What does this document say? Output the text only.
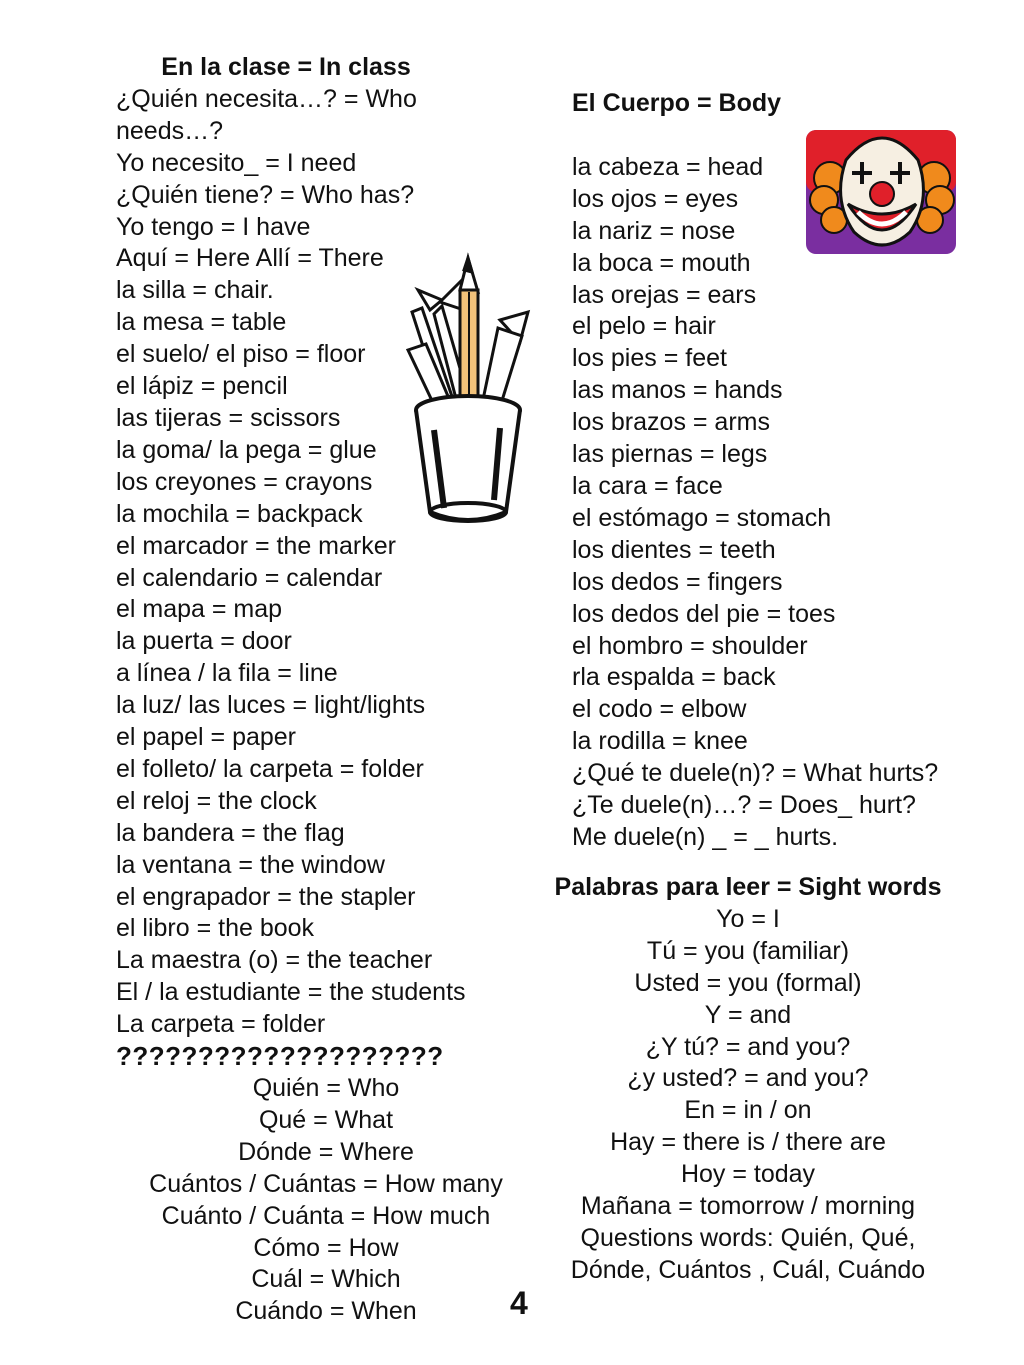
En la clase = In class
¿Quién necesita…? = Who
needs…?
Yo necesito_ = I need
¿Quién tiene? = Who has?
Yo tengo = I have
Aquí = Here Allí = There
la silla = chair.
la mesa = table
el suelo/ el piso = floor
el lápiz = pencil
las tijeras = scissors
la goma/ la pega = glue
los creyones = crayons
la mochila = backpack
el marcador = the marker
el calendario = calendar
el mapa = map
la puerta = door
a línea / la fila = line
la luz/ las luces = light/lights
el papel = paper
el folleto/ la carpeta = folder
el reloj = the clock
la bandera = the flag
la ventana = the window
el engrapador = the stapler
el libro = the book
La maestra (o) = the teacher
El / la estudiante = the students
La carpeta = folder
????????????????????
Quién = Who
Qué = What
Dónde = Where
Cuántos / Cuántas = How many
Cuánto / Cuánta = How much
Cómo = How
Cuál = Which
Cuándo = When
El Cuerpo = Body
la cabeza = head
los ojos = eyes
la nariz = nose
la boca = mouth
las orejas = ears
el pelo = hair
los pies = feet
las manos = hands
los brazos = arms
las piernas = legs
la cara = face
el estómago = stomach
los dientes = teeth
los dedos = fingers
los dedos del pie = toes
el hombro = shoulder
rla espalda = back
el codo = elbow
la rodilla = knee
¿Qué te duele(n)? = What hurts?
¿Te duele(n)…? = Does_ hurt?
Me duele(n) _ = _ hurts.
Palabras para leer = Sight words
Yo = I
Tú = you (familiar)
Usted = you (formal)
Y = and
¿Y tú? = and you?
¿y usted? = and you?
En = in / on
Hay = there is / there are
Hoy = today
Mañana = tomorrow / morning
Questions words: Quién, Qué,
Dónde, Cuántos , Cuál, Cuándo
4
